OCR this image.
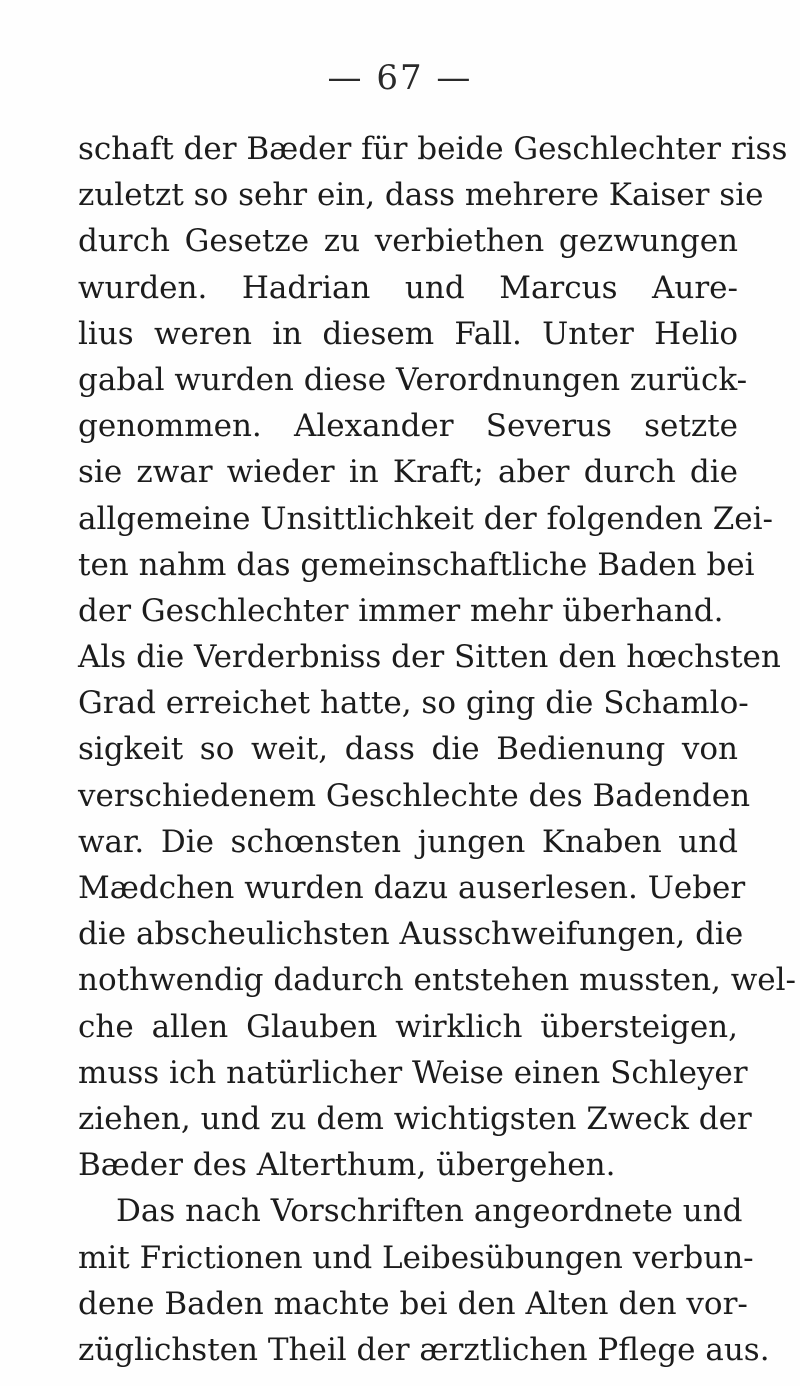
— 67 —
schaft der Bæder für beide Geschlechter riss
zuletzt so sehr ein, dass mehrere Kaiser sie
durch Gesetze zu verbiethen gezwungen
wurden. Hadrian und Marcus Aure-
lius weren in diesem Fall. Unter Helio
gabal wurden diese Verordnungen zurück-
genommen. Alexander Severus setzte
sie zwar wieder in Kraft; aber durch die
allgemeine Unsittlichkeit der folgenden Zei-
ten nahm das gemeinschaftliche Baden bei
der Geschlechter immer mehr überhand.
Als die Verderbniss der Sitten den hœchsten
Grad erreichet hatte, so ging die Schamlo-
sigkeit so weit, dass die Bedienung von
verschiedenem Geschlechte des Badenden
war. Die schœnsten jungen Knaben und
Mædchen wurden dazu auserlesen. Ueber
die abscheulichsten Ausschweifungen, die
nothwendig dadurch entstehen mussten, wel-
che allen Glauben wirklich übersteigen,
muss ich natürlicher Weise einen Schleyer
ziehen, und zu dem wichtigsten Zweck der
Bæder des Alterthum, übergehen.
Das nach Vorschriften angeordnete und
mit Frictionen und Leibesübungen verbun-
dene Baden machte bei den Alten den vor-
züglichsten Theil der ærztlichen Pflege aus.
